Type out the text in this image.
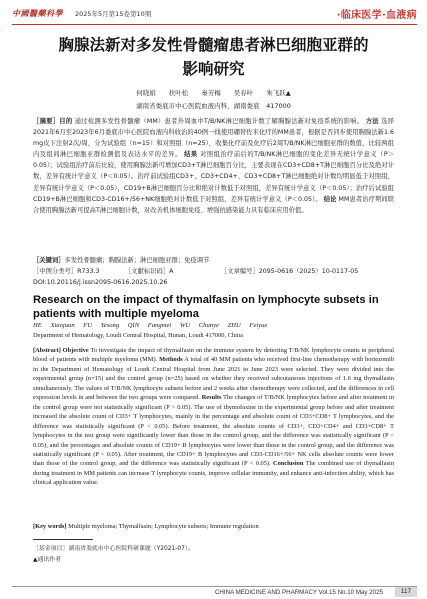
中國醫藥科學 2025年5月第15卷第10期	·临床医学·血液病
胸腺法新对多发性骨髓瘤患者淋巴细胞亚群的
影响研究
何晓娟　　扶叶松　　秦芳梅　　吴春叶　　朱飞跃▲
湖南省娄底市中心医院血液内科，湖南娄底　417000
［摘要］目的 通过检测多发性骨髓瘤（MM）患者外周血中T/B/NK淋巴细胞计数了解胸腺法新对免疫系统的影响。 方法 选择2021年6月至2023年6月娄底市中心医院血液内科收治的40例一线使用硼替佐米化疗的MM患者，根据是否同步使用胸腺法新1.6 mg皮下注射2次/周，分为试验组（n=15）和对照组（n=25），收集化疗前及化疗后2周T/B/NK淋巴细胞亚群的数值，比较两组内及组间淋巴细胞亚群检测值及表达水平的差异。 结果 对照组治疗前后的T/B/NK淋巴细胞的变化差异无统计学意义（P＞0.05）；试验组治疗前后比较，使用胸腺法新可增加CD3+T淋巴细胞百分比，主要表现在CD3+CD8+T淋巴细胞百分比及绝对计数，差异有统计学意义（P＜0.05）。治疗前试验组CD3+、CD3+CD4+、CD3+CD8+T淋巴细胞绝对计数均明显低于对照组，差异有统计学意义（P＜0.05），CD19+B淋巴细胞百分比和绝对计数低于对照组，差异有统计学意义（P＜0.05）；治疗后试验组CD19+B淋巴细胞和CD3-CD16+/56+NK细胞绝对计数低于对照组，差异有统计学意义（P＜0.05）。 结论 MM患者治疗期间联合使用胸腺法新可提高T淋巴细胞计数，对改善机体细胞免疫、增强抗感染能力具有临床应用价值。
［关键词］多发性骨髓瘤；胸腺法新；淋巴细胞亚群；免疫调节
［中图分类号］R733.3	［文献标识码］A	［文章编号］2095-0616（2025）10-0117-05
DOI:10.20116/j.issn2095-0616.2025.10.26
Research on the impact of thymalfasin on lymphocyte subsets in patients with multiple myeloma
HE Xiaojuan FU Yesong QIN Fangmei WU Chunye ZHU Feiyue
Department of Hematology, Loudi Central Hospital, Hunan, Loudi 417000, China
[Abstract] Objective To investigate the impact of thymalfasin on the immune system by detecting T/B/NK lymphocyte counts in peripheral blood of patients with multiple myeloma (MM). Methods A total of 40 MM patients who received first-line chemotherapy with bortezomib in the Department of Hematology of Loudi Central Hospital from June 2021 to June 2023 were selected. They were divided into the experimental group (n=15) and the control group (n=25) based on whether they received subcutaneous injections of 1.6 mg thymalfasin simultaneously. The values of T/B/NK lymphocyte subsets before and 2 weeks after chemotherapy were collected, and the differences in cell expression levels in and between the two groups were compared. Results The changes of T/B/NK lymphocytes before and after treatment in the control group were not statistically significant (P > 0.05). The use of thymofaxine in the experimental group before and after treatment increased the absolute count of CD3+ T lymphocytes, mainly in the percentage and absolute count of CD3+CD8+ T lymphocytes, and the difference was statistically significant (P < 0.05). Before treatment, the absolute counts of CD3+, CD3+CD4+ and CD3+CD8+ T lymphocytes in the test group were significantly lower than those in the control group, and the difference was statistically significant (P < 0.05), and the percentages and absolute counts of CD19+ B lymphocytes were lower than those in the control group, and the difference was statistically significant (P < 0.05). After treatment, the CD19+ B lymphocytes and CD3-CD16+/56+ NK cells absolute counts were lower than those of the control group, and the difference was statistically significant (P < 0.05). Conclusion The combined use of thymalfasin during treatment in MM patients can increase T lymphocyte counts, improve cellular immunity, and enhance anti-infection ability, which has clinical application value.
[Key words] Multiple myeloma; Thymalfasin; Lymphocyte subsets; Immune regulation
［基金项目］湖南省娄底市中心医院科研课题（Y2021-07）。
▲通讯作者
CHINA MEDICINE AND PHARMACY Vol.15 No.10 May 2025	117
